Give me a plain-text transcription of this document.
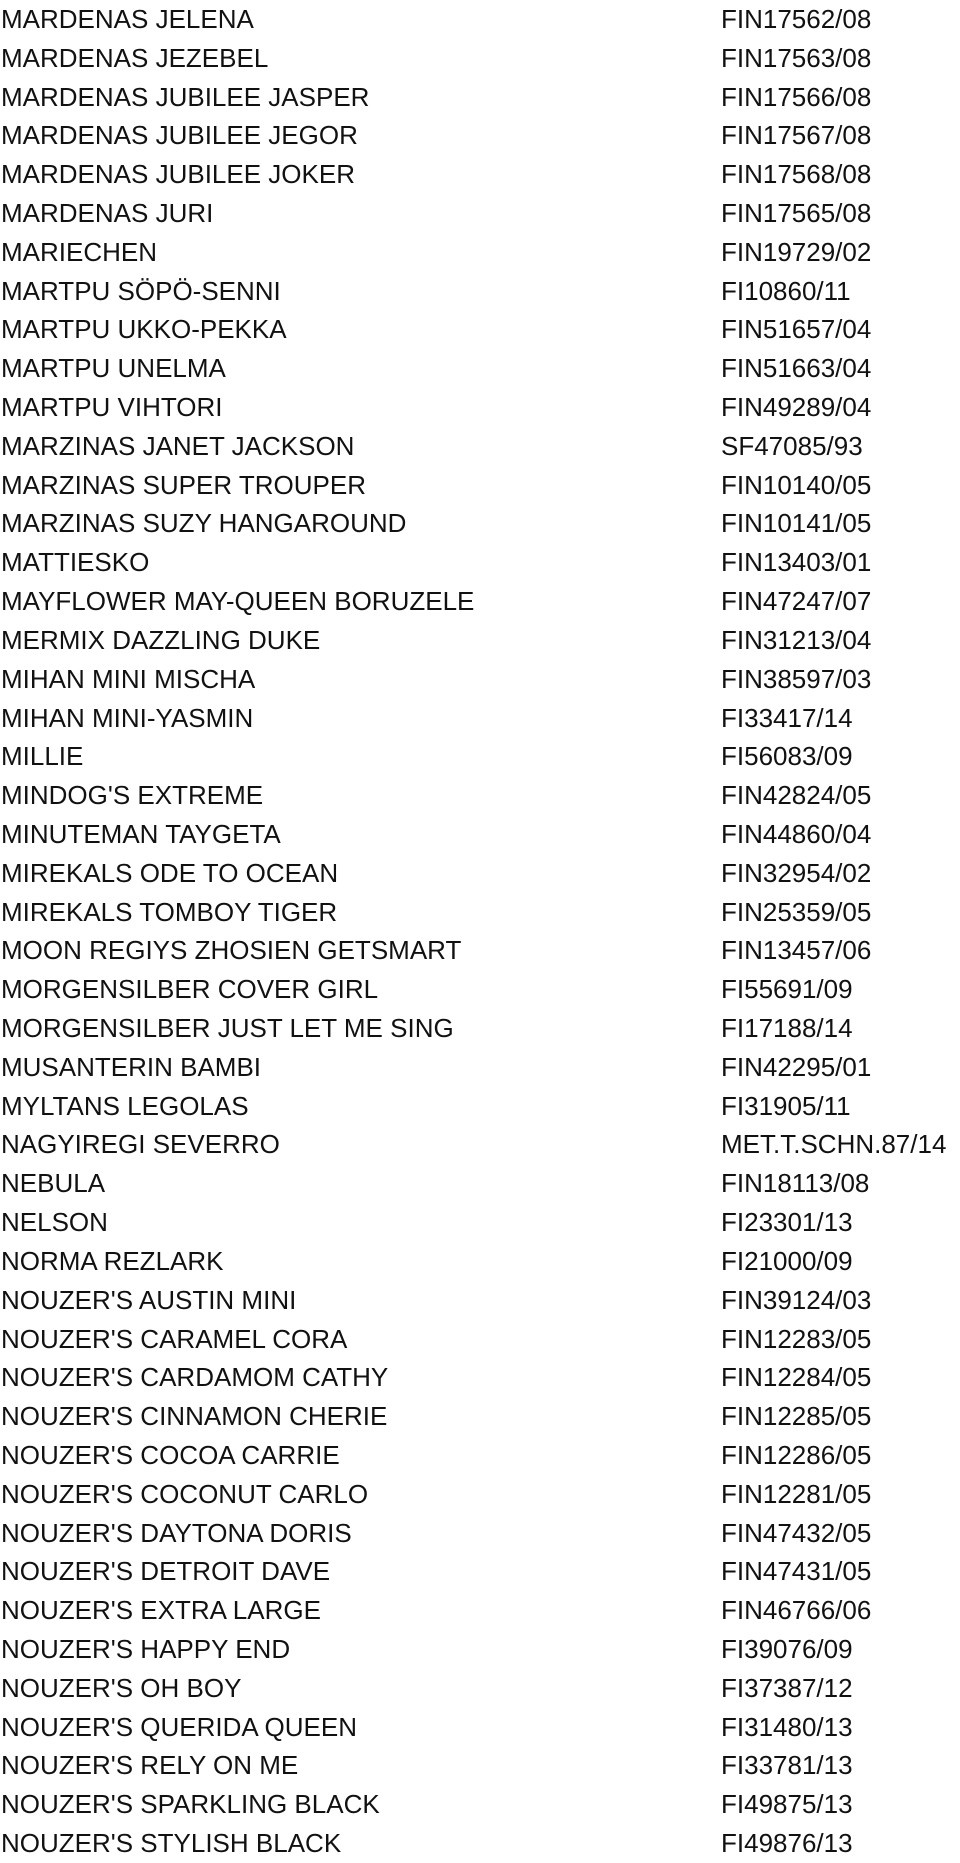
MARDENAS JELENA	FIN17562/08
MARDENAS JEZEBEL	FIN17563/08
MARDENAS JUBILEE JASPER	FIN17566/08
MARDENAS JUBILEE JEGOR	FIN17567/08
MARDENAS JUBILEE JOKER	FIN17568/08
MARDENAS JURI	FIN17565/08
MARIECHEN	FIN19729/02
MARTPU SÖPÖ-SENNI	FI10860/11
MARTPU UKKO-PEKKA	FIN51657/04
MARTPU UNELMA	FIN51663/04
MARTPU VIHTORI	FIN49289/04
MARZINAS JANET JACKSON	SF47085/93
MARZINAS SUPER TROUPER	FIN10140/05
MARZINAS SUZY HANGAROUND	FIN10141/05
MATTIESKO	FIN13403/01
MAYFLOWER MAY-QUEEN BORUZELE	FIN47247/07
MERMIX DAZZLING DUKE	FIN31213/04
MIHAN MINI MISCHA	FIN38597/03
MIHAN MINI-YASMIN	FI33417/14
MILLIE	FI56083/09
MINDOG'S EXTREME	FIN42824/05
MINUTEMAN TAYGETA	FIN44860/04
MIREKALS ODE TO OCEAN	FIN32954/02
MIREKALS TOMBOY TIGER	FIN25359/05
MOON REGIYS ZHOSIEN GETSMART	FIN13457/06
MORGENSILBER COVER GIRL	FI55691/09
MORGENSILBER JUST LET ME SING	FI17188/14
MUSANTERIN BAMBI	FIN42295/01
MYLTANS LEGOLAS	FI31905/11
NAGYIREGI SEVERRO	MET.T.SCHN.87/14
NEBULA	FIN18113/08
NELSON	FI23301/13
NORMA REZLARK	FI21000/09
NOUZER'S AUSTIN MINI	FIN39124/03
NOUZER'S CARAMEL CORA	FIN12283/05
NOUZER'S CARDAMOM CATHY	FIN12284/05
NOUZER'S CINNAMON CHERIE	FIN12285/05
NOUZER'S COCOA CARRIE	FIN12286/05
NOUZER'S COCONUT CARLO	FIN12281/05
NOUZER'S DAYTONA DORIS	FIN47432/05
NOUZER'S DETROIT DAVE	FIN47431/05
NOUZER'S EXTRA LARGE	FIN46766/06
NOUZER'S HAPPY END	FI39076/09
NOUZER'S OH BOY	FI37387/12
NOUZER'S QUERIDA QUEEN	FI31480/13
NOUZER'S RELY ON ME	FI33781/13
NOUZER'S SPARKLING BLACK	FI49875/13
NOUZER'S STYLISH BLACK	FI49876/13
